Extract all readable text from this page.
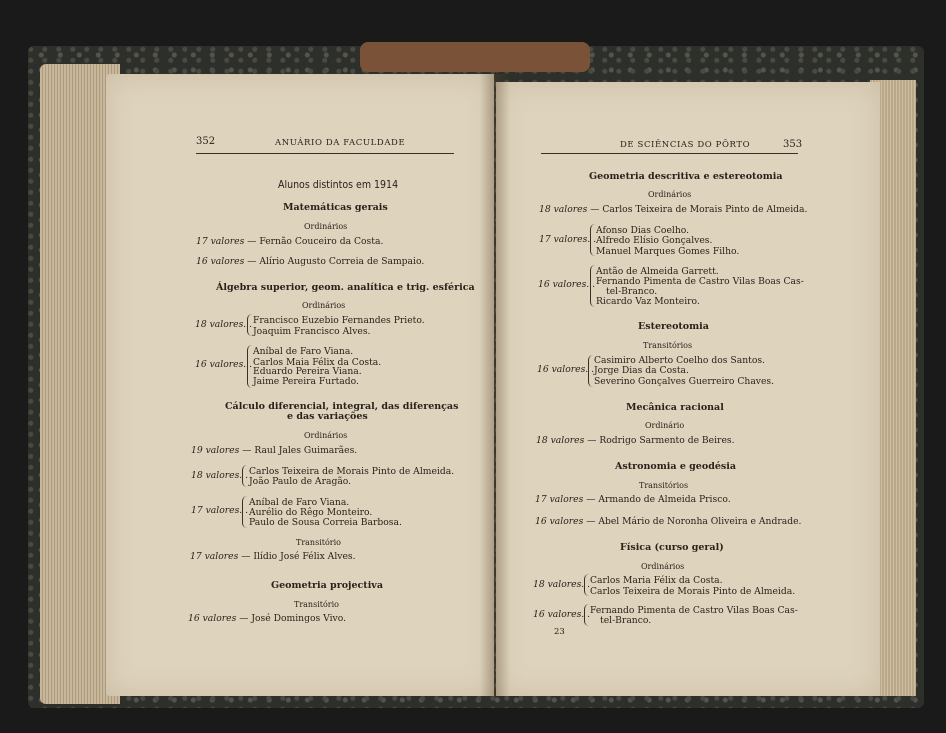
352	ANUÁRIO DA FACULDADE
Alunos distintos em 1914
Matemáticas gerais
Ordinários
17 valores — Fernão Couceiro da Costa.
16 valores — Alírio Augusto Correia de Sampaio.
Álgebra superior, geom. analítica e trig. esférica
Ordinários
18 valores. . Francisco Euzebio Fernandes Prieto.
Joaquim Francisco Alves.
16 valores. .
Aníbal de Faro Viana.
Carlos Maia Félix da Costa.
Eduardo Pereira Viana.
Jaime Pereira Furtado.
Cálculo diferencial, integral, das diferenças
e das variações
Ordinários
19 valores — Raul Jales Guimarães.
18 valores. . Carlos Teixeira de Morais Pinto de Almeida.
João Paulo de Aragão.
17 valores. .
Aníbal de Faro Viana.
Aurélio do Rêgo Monteiro.
Paulo de Sousa Correia Barbosa.
Transitório
17 valores — Ilídio José Félix Alves.
Geometria projectiva
Transitório
16 valores — José Domingos Vivo.
DE SCIÊNCIAS DO PÔRTO	353
Geometria descritiva e estereotomia
Ordinários
18 valores — Carlos Teixeira de Morais Pinto de Almeida.
17 valores. .
Afonso Dias Coelho.
Alfredo Elísio Gonçalves.
Manuel Marques Gomes Filho.
16 valores. .
Antão de Almeida Garrett.
Fernando Pimenta de Castro Vilas Boas Cas-
tel-Branco.
Ricardo Vaz Monteiro.
Estereotomia
Transitórios
16 valores. .
Casimiro Alberto Coelho dos Santos.
Jorge Dias da Costa.
Severino Gonçalves Guerreiro Chaves.
Mecânica racional
Ordinário
18 valores — Rodrigo Sarmento de Beires.
Astronomia e geodésia
Transitórios
17 valores — Armando de Almeida Prisco.
16 valores — Abel Mário de Noronha Oliveira e Andrade.
Física (curso geral)
Ordinários
18 valores. . Carlos Maria Félix da Costa.
Carlos Teixeira de Morais Pinto de Almeida.
16 valores. . Fernando Pimenta de Castro Vilas Boas Cas-
tel-Branco.
23
